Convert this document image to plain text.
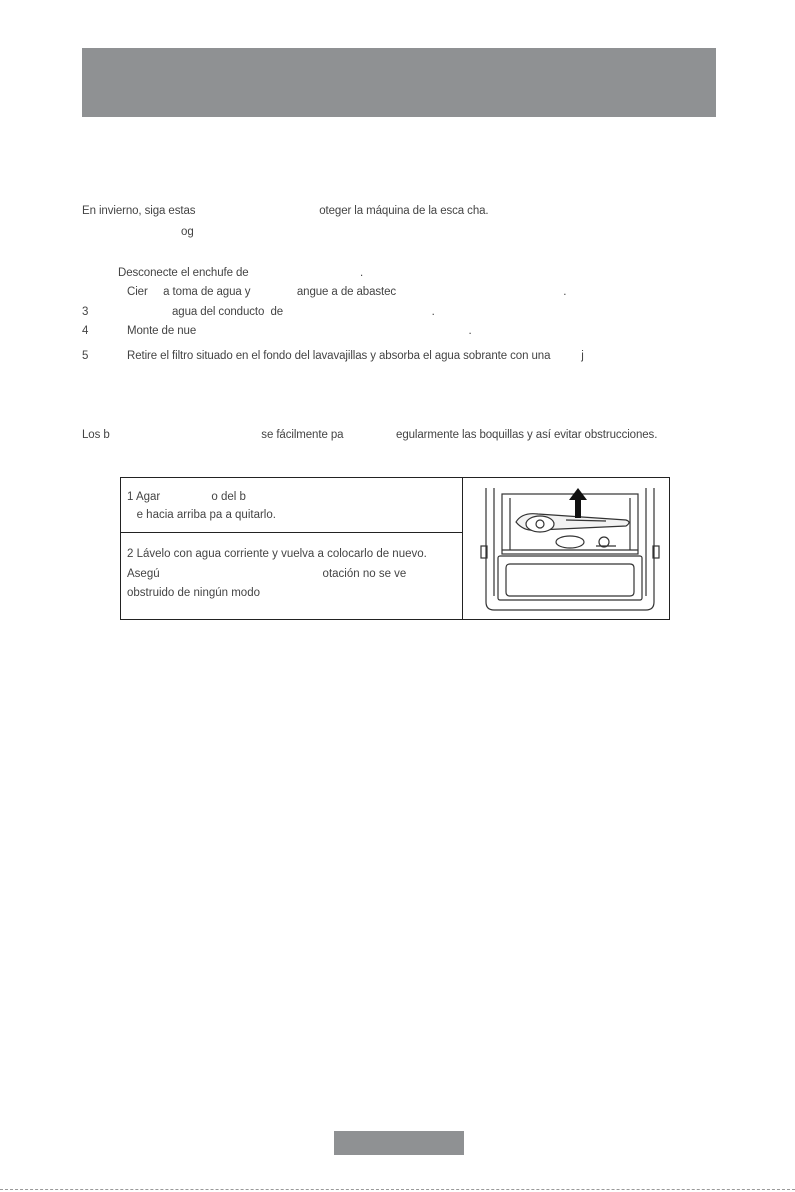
En invierno, siga estas                                        oteger la máquina de la esca cha.
og
Desconecte el enchufe de                                    .
Cier     a toma de agua y               angue a de abastec                                                      .
3	agua del conducto  de                                                .
4	Monte de nue                                                                                        .
5	Retire el filtro situado en el fondo del lavavajillas y absorba el agua sobrante con una          j
Los b                                                 se fácilmente pa                 egularmente las boquillas y así evitar obstrucciones.
1 Agar                o del b
e hacia arriba pa a quitarlo.
2 Lávelo con agua corriente y vuelva a colocarlo de nuevo.
Asegú                                                   otación no se ve
obstruido de ningún modo
